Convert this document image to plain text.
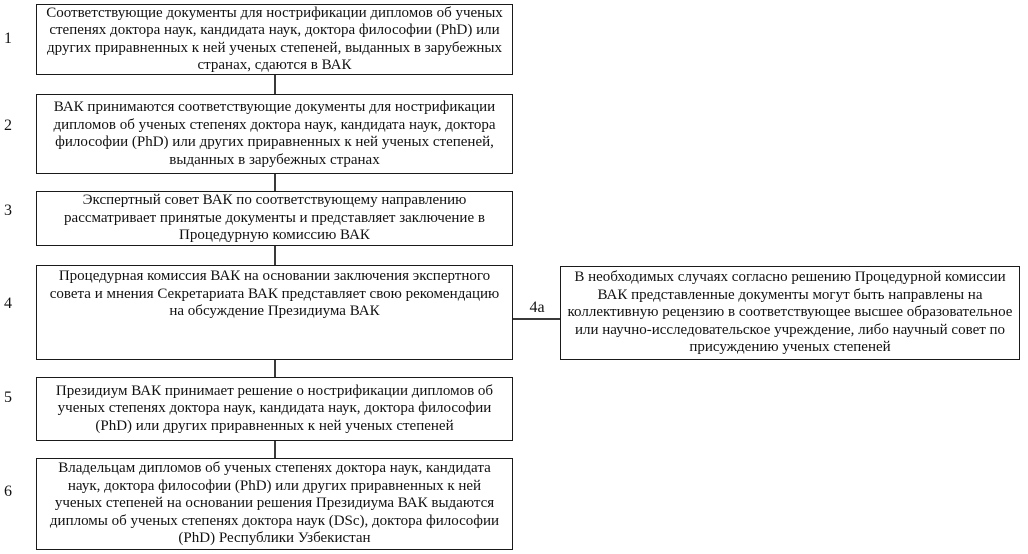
1
2
3
4
5
6
Соответствующие документы для нострификации дипломов об ученых степенях доктора наук, кандидата наук, доктора философии (PhD) или других приравненных к ней ученых степеней, выданных в зарубежных странах, сдаются в ВАК
ВАК принимаются соответствующие документы для нострификации дипломов об ученых степенях доктора наук, кандидата наук, доктора философии (PhD) или других приравненных к ней ученых степеней, выданных в зарубежных странах
Экспертный совет ВАК по соответствующему направлению рассматривает принятые документы и представляет заключение в Процедурную комиссию ВАК
Процедурная комиссия ВАК на основании заключения экспертного совета и мнения Секретариата ВАК представляет свою рекомендацию на обсуждение Президиума ВАК
Президиум ВАК принимает решение о нострификации дипломов об ученых степенях доктора наук, кандидата наук, доктора философии (PhD) или других приравненных к ней ученых степеней
Владельцам дипломов об ученых степенях доктора наук, кандидата наук, доктора философии (PhD) или других приравненных к ней ученых степеней на основании решения Президиума ВАК выдаются дипломы об ученых степенях доктора наук (DSc), доктора философии (PhD) Республики Узбекистан
4а
В необходимых случаях согласно решению Процедурной комиссии ВАК представленные документы могут быть направлены на коллективную рецензию в соответствующее высшее образовательное или научно-исследовательское учреждение, либо научный совет по присуждению ученых степеней
